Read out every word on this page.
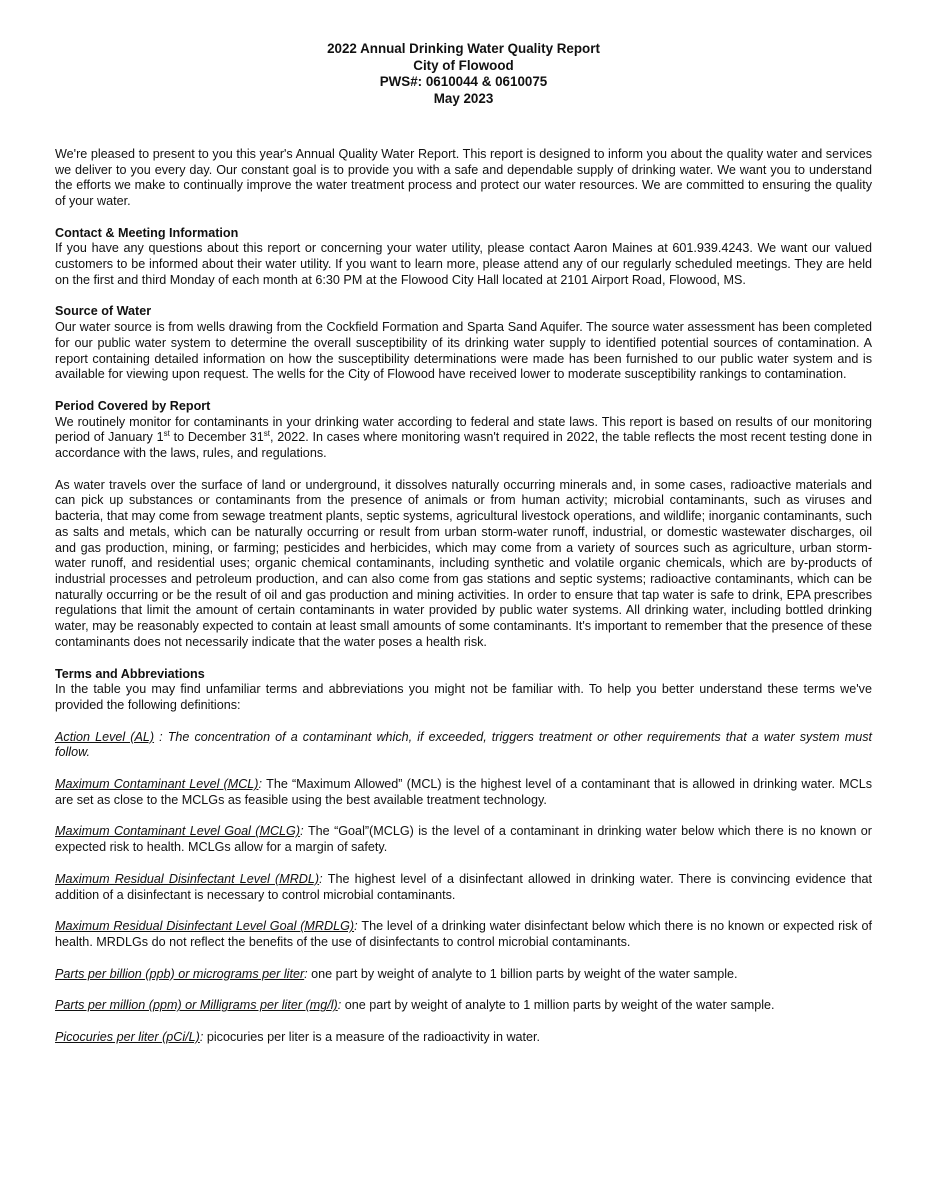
2022 Annual Drinking Water Quality Report
City of Flowood
PWS#: 0610044 & 0610075
May 2023

We're pleased to present to you this year's Annual Quality Water Report. This report is designed to inform you about the quality water and services we deliver to you every day. Our constant goal is to provide you with a safe and dependable supply of drinking water. We want you to understand the efforts we make to continually improve the water treatment process and protect our water resources. We are committed to ensuring the quality of your water.

Contact & Meeting Information

If you have any questions about this report or concerning your water utility, please contact Aaron Maines at 601.939.4243. We want our valued customers to be informed about their water utility. If you want to learn more, please attend any of our regularly scheduled meetings. They are held on the first and third Monday of each month at 6:30 PM at the Flowood City Hall located at 2101 Airport Road, Flowood, MS.

Source of Water

Our water source is from wells drawing from the Cockfield Formation and Sparta Sand Aquifer. The source water assessment has been completed for our public water system to determine the overall susceptibility of its drinking water supply to identified potential sources of contamination. A report containing detailed information on how the susceptibility determinations were made has been furnished to our public water system and is available for viewing upon request. The wells for the City of Flowood have received lower to moderate susceptibility rankings to contamination.

Period Covered by Report

We routinely monitor for contaminants in your drinking water according to federal and state laws. This report is based on results of our monitoring period of January 1st to December 31st, 2022. In cases where monitoring wasn't required in 2022, the table reflects the most recent testing done in accordance with the laws, rules, and regulations.

As water travels over the surface of land or underground, it dissolves naturally occurring minerals and, in some cases, radioactive materials and can pick up substances or contaminants from the presence of animals or from human activity; microbial contaminants, such as viruses and bacteria, that may come from sewage treatment plants, septic systems, agricultural livestock operations, and wildlife; inorganic contaminants, such as salts and metals, which can be naturally occurring or result from urban storm-water runoff, industrial, or domestic wastewater discharges, oil and gas production, mining, or farming; pesticides and herbicides, which may come from a variety of sources such as agriculture, urban storm-water runoff, and residential uses; organic chemical contaminants, including synthetic and volatile organic chemicals, which are by-products of industrial processes and petroleum production, and can also come from gas stations and septic systems; radioactive contaminants, which can be naturally occurring or be the result of oil and gas production and mining activities. In order to ensure that tap water is safe to drink, EPA prescribes regulations that limit the amount of certain contaminants in water provided by public water systems. All drinking water, including bottled drinking water, may be reasonably expected to contain at least small amounts of some contaminants. It's important to remember that the presence of these contaminants does not necessarily indicate that the water poses a health risk.

Terms and Abbreviations

In the table you may find unfamiliar terms and abbreviations you might not be familiar with. To help you better understand these terms we've provided the following definitions:

Action Level (AL) : The concentration of a contaminant which, if exceeded, triggers treatment or other requirements that a water system must follow.

Maximum Contaminant Level (MCL): The “Maximum Allowed” (MCL) is the highest level of a contaminant that is allowed in drinking water. MCLs are set as close to the MCLGs as feasible using the best available treatment technology.

Maximum Contaminant Level Goal (MCLG): The “Goal”(MCLG) is the level of a contaminant in drinking water below which there is no known or expected risk to health. MCLGs allow for a margin of safety.

Maximum Residual Disinfectant Level (MRDL): The highest level of a disinfectant allowed in drinking water. There is convincing evidence that addition of a disinfectant is necessary to control microbial contaminants.

Maximum Residual Disinfectant Level Goal (MRDLG): The level of a drinking water disinfectant below which there is no known or expected risk of health. MRDLGs do not reflect the benefits of the use of disinfectants to control microbial contaminants.

Parts per billion (ppb) or micrograms per liter: one part by weight of analyte to 1 billion parts by weight of the water sample.

Parts per million (ppm) or Milligrams per liter (mg/l): one part by weight of analyte to 1 million parts by weight of the water sample.

Picocuries per liter (pCi/L): picocuries per liter is a measure of the radioactivity in water.
